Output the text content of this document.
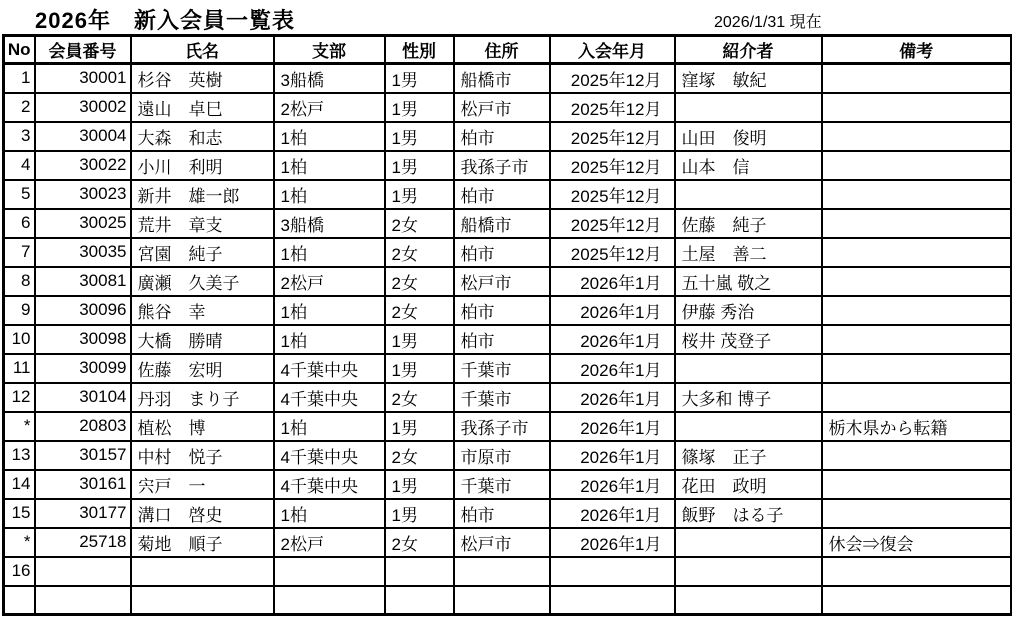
2026年　新入会員一覧表	2026/1/31 現在
No	会員番号	氏名	支部	性別	住所	入会年月	紹介者	備考
1	30001	杉谷　英樹	3船橋	1男	船橋市	2025年12月	窪塚　敏紀	
2	30002	遠山　卓巳	2松戸	1男	松戸市	2025年12月		
3	30004	大森　和志	1柏	1男	柏市	2025年12月	山田　俊明	
4	30022	小川　利明	1柏	1男	我孫子市	2025年12月	山本　信	
5	30023	新井　雄一郎	1柏	1男	柏市	2025年12月		
6	30025	荒井　章支	3船橋	2女	船橋市	2025年12月	佐藤　純子	
7	30035	宮園　純子	1柏	2女	柏市	2025年12月	土屋　善二	
8	30081	廣瀬　久美子	2松戸	2女	松戸市	2026年1月	五十嵐 敬之	
9	30096	熊谷　幸	1柏	2女	柏市	2026年1月	伊藤 秀治	
10	30098	大橋　勝晴	1柏	1男	柏市	2026年1月	桜井 茂登子	
11	30099	佐藤　宏明	4千葉中央	1男	千葉市	2026年1月		
12	30104	丹羽　まり子	4千葉中央	2女	千葉市	2026年1月	大多和 博子	
*	20803	植松　博	1柏	1男	我孫子市	2026年1月		栃木県から転籍
13	30157	中村　悦子	4千葉中央	2女	市原市	2026年1月	篠塚　正子	
14	30161	宍戸　一	4千葉中央	1男	千葉市	2026年1月	花田　政明	
15	30177	溝口　啓史	1柏	1男	柏市	2026年1月	飯野　はる子	
*	25718	菊地　順子	2松戸	2女	松戸市	2026年1月		休会⇒復会
16								
